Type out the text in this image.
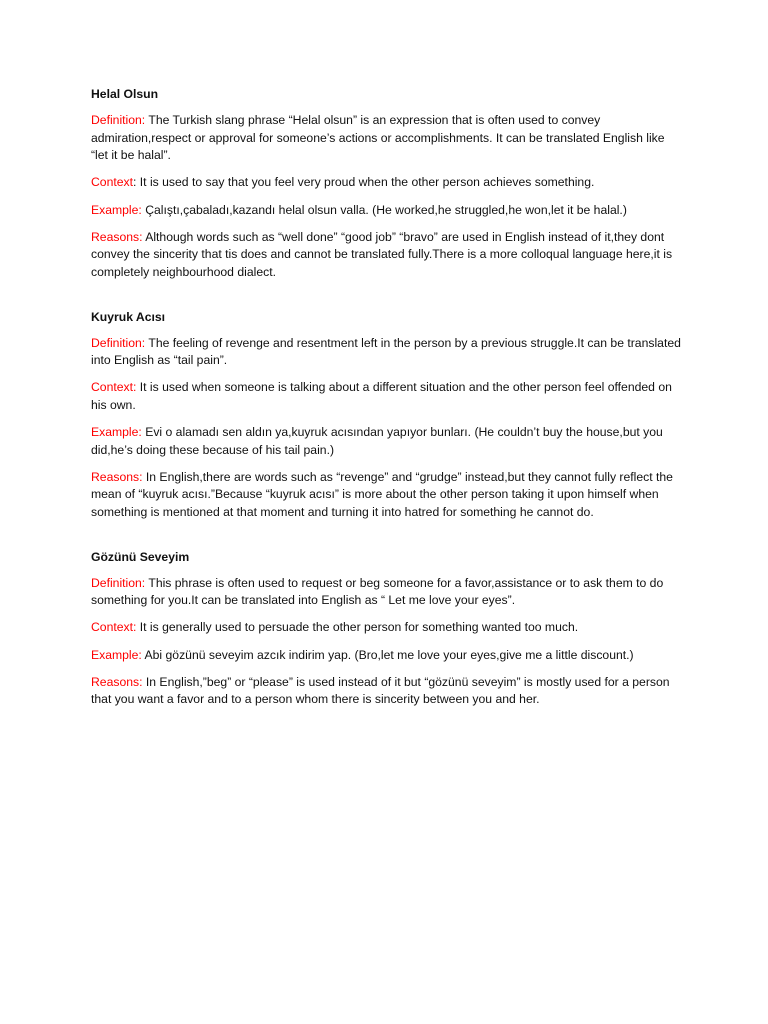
Helal Olsun

Definition: The Turkish slang phrase “Helal olsun” is an expression that is often used to convey admiration,respect or approval for someone’s actions or accomplishments. It can be translated English like “let it be halal”.

Context: It is used to say that you feel very proud when the other person achieves something.

Example: Çalıştı,çabaladı,kazandı helal olsun valla. (He worked,he struggled,he won,let it be halal.)

Reasons: Although words such as “well done” “good job” “bravo” are used in English instead of it,they dont convey the sincerity that tis does and cannot be translated fully.There is a more colloqual language here,it is completely neighbourhood dialect.

Kuyruk Acısı

Definition: The feeling of revenge and resentment left in the person by a previous struggle.It can be translated into English as “tail pain”.

Context: It is used when someone is talking about a different situation and the other person feel offended on his own.

Example: Evi o alamadı sen aldın ya,kuyruk acısından yapıyor bunları. (He couldn’t buy the house,but you did,he’s doing these because of his tail pain.)

Reasons: In English,there are words such as “revenge” and “grudge” instead,but they cannot fully reflect the mean of “kuyruk acısı.”Because “kuyruk acısı” is more about the other person taking it upon himself when something is mentioned at that moment and turning it into hatred for something he cannot do.

Gözünü Seveyim

Definition: This phrase is often used to request or beg someone for a favor,assistance or to ask them to do something for you.It can be translated into English as “ Let me love your eyes”.

Context: It is generally used to persuade the other person for something wanted too much.

Example: Abi gözünü seveyim azcık indirim yap. (Bro,let me love your eyes,give me a little discount.)

Reasons: In English,”beg” or “please” is used instead of it but “gözünü seveyim” is mostly used for a person that you want a favor and to a person whom there is sincerity between you and her.
